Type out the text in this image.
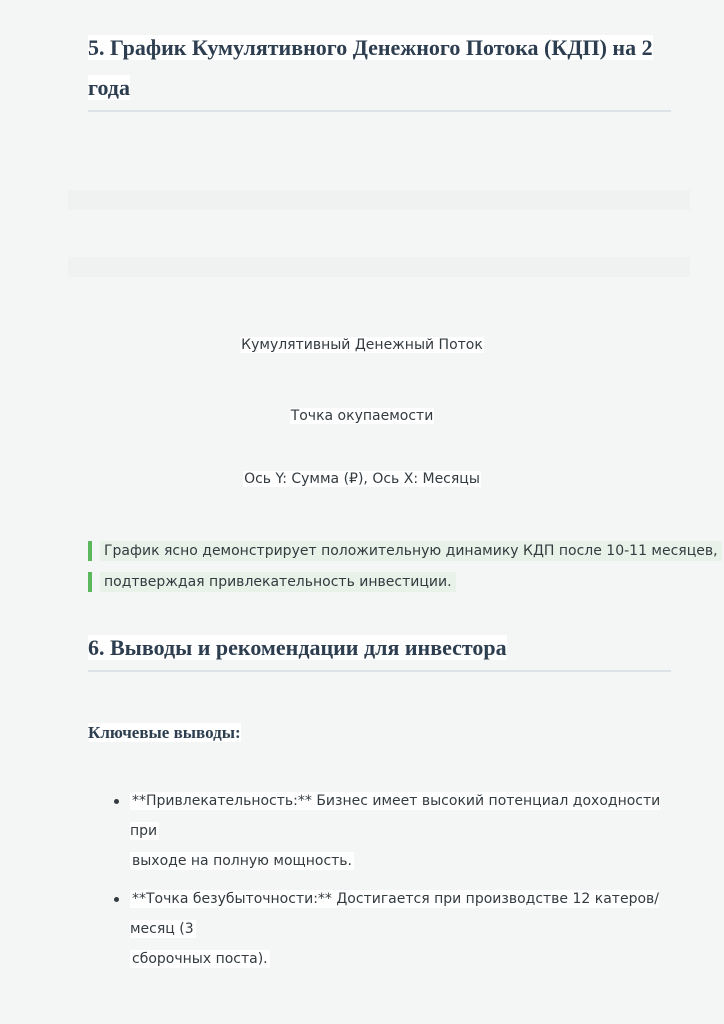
5. График Кумулятивного Денежного Потока (КДП) на 2
года
Кумулятивный Денежный Поток
Точка окупаемости
Ось Y: Сумма (₽), Ось X: Месяцы
График ясно демонстрирует положительную динамику КДП после 10-11 месяцев,
подтверждая привлекательность инвестиции.
6. Выводы и рекомендации для инвестора
Ключевые выводы:
**Привлекательность:** Бизнес имеет высокий потенциал доходности при
выходе на полную мощность.
**Точка безубыточности:** Достигается при производстве 12 катеров/месяц (3
сборочных поста).
